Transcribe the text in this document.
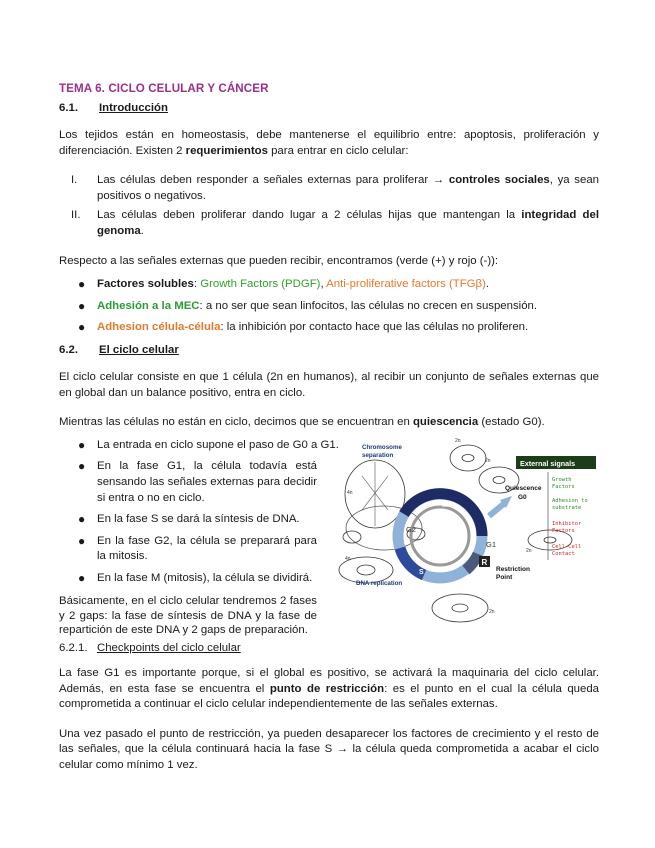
TEMA 6. CICLO CELULAR Y CÁNCER
6.1.	Introducción

Los tejidos están en homeostasis, debe mantenerse el equilibrio entre: apoptosis, proliferación y diferenciación. Existen 2 requerimientos para entrar en ciclo celular:

I.	Las células deben responder a señales externas para proliferar → controles sociales, ya sean positivos o negativos.
II.	Las células deben proliferar dando lugar a 2 células hijas que mantengan la integridad del genoma.

Respecto a las señales externas que pueden recibir, encontramos (verde (+) y rojo (-)):

●	Factores solubles: Growth Factors (PDGF), Anti-proliferative factors (TFGβ).
●	Adhesión a la MEC: a no ser que sean linfocitos, las células no crecen en suspensión.
●	Adhesion célula-célula: la inhibición por contacto hace que las células no proliferen.
6.2.	El ciclo celular

El ciclo celular consiste en que 1 célula (2n en humanos), al recibir un conjunto de señales externas que en global dan un balance positivo, entra en ciclo.

Mientras las células no están en ciclo, decimos que se encuentran en quiescencia (estado G0).

●	La entrada en ciclo supone el paso de G0 a G1.
●	En la fase G1, la célula todavía está sensando las señales externas para decidir si entra o no en ciclo.
●	En la fase S se dará la síntesis de DNA.
●	En la fase G2, la célula se preparará para la mitosis.
●	En la fase M (mitosis), la célula se dividirá.

Básicamente, en el ciclo celular tendremos 2 fases y 2 gaps: la fase de síntesis de DNA y la fase de repartición de este DNA y 2 gaps de preparación.

6.2.1. Checkpoints del ciclo celular

La fase G1 es importante porque, si el global es positivo, se activará la maquinaria del ciclo celular. Además, en esta fase se encuentra el punto de restricción: es el punto en el cual la célula queda comprometida a continuar el ciclo celular independientemente de las señales externas.

Una vez pasado el punto de restricción, ya pueden desaparecer los factores de crecimiento y el resto de las señales, que la célula continuará hacia la fase S → la célula queda comprometida a acabar el ciclo celular como mínimo 1 vez.

M
G2
G1
S
R
Chromosome
separation
DNA replication
Quiescence
G0
Restriction
Point
2n
2n
4n
4n
2n
2n
External signals
Growth
Factors
Adhesion to
substrate
Inhibitor
Factors
Cell-Cell
Contact
